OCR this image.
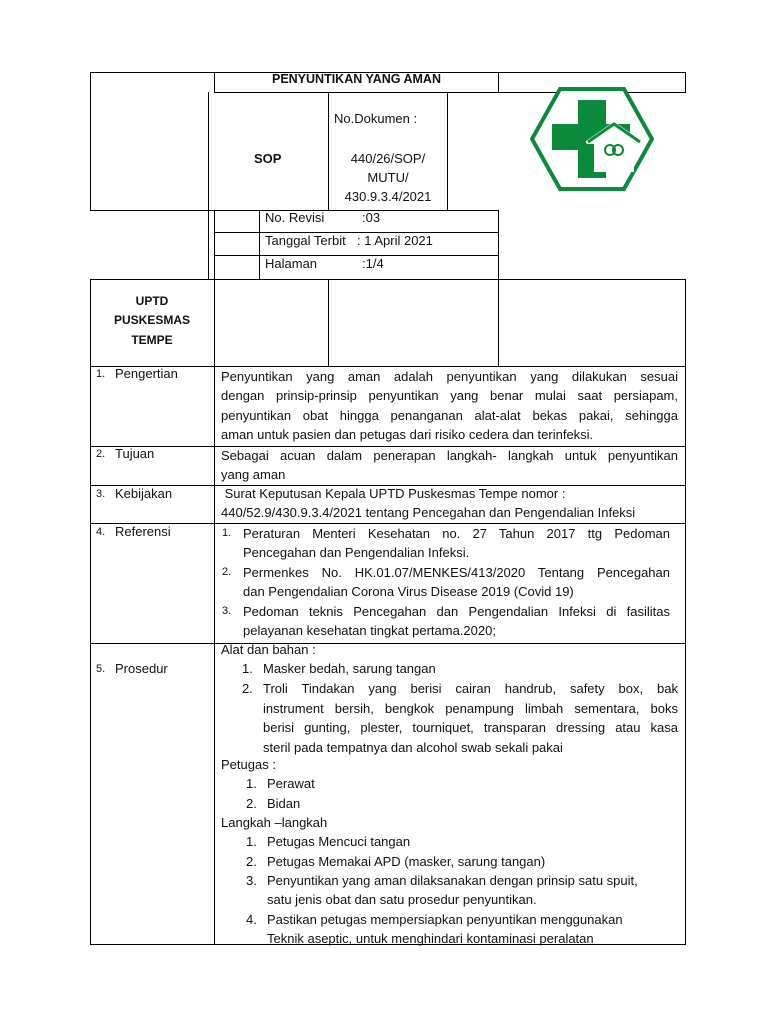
PENYUNTIKAN YANG AMAN
SOP
No.Dokumen :
440/26/SOP/
MUTU/
430.9.3.4/2021
No. Revisi	:03
Tanggal Terbit : 1 April 2021
Halaman	:1/4
UPTD
PUSKESMAS
TEMPE
1. Pengertian	Penyuntikan yang aman adalah penyuntikan yang dilakukan sesuai
dengan prinsip-prinsip penyuntikan yang benar mulai saat persiapam,
penyuntikan obat hingga penanganan alat-alat bekas pakai, sehingga
aman untuk pasien dan petugas dari risiko cedera dan terinfeksi.
2. Tujuan	Sebagai acuan dalam penerapan langkah- langkah untuk penyuntikan
yang aman
3. Kebijakan	Surat Keputusan Kepala UPTD Puskesmas Tempe nomor :
440/52.9/430.9.3.4/2021 tentang Pencegahan dan Pengendalian Infeksi
4. Referensi	1. Peraturan Menteri Kesehatan no. 27 Tahun 2017 ttg Pedoman
Pencegahan dan Pengendalian Infeksi.
2. Permenkes No. HK.01.07/MENKES/413/2020 Tentang Pencegahan
dan Pengendalian Corona Virus Disease 2019 (Covid 19)
3. Pedoman teknis Pencegahan dan Pengendalian Infeksi di fasilitas
pelayanan kesehatan tingkat pertama.2020;
5. Prosedur
Alat dan bahan :
1. Masker bedah, sarung tangan
2. Troli Tindakan yang berisi cairan handrub, safety box, bak
instrument bersih, bengkok penampung limbah sementara, boks
berisi gunting, plester, tourniquet, transparan dressing atau kasa
steril pada tempatnya dan alcohol swab sekali pakai
Petugas :
1. Perawat
2. Bidan
Langkah –langkah
1. Petugas Mencuci tangan
2. Petugas Memakai APD (masker, sarung tangan)
3. Penyuntikan yang aman dilaksanakan dengan prinsip satu spuit,
satu jenis obat dan satu prosedur penyuntikan.
4. Pastikan petugas mempersiapkan penyuntikan menggunakan
Teknik aseptic, untuk menghindari kontaminasi peralatan
